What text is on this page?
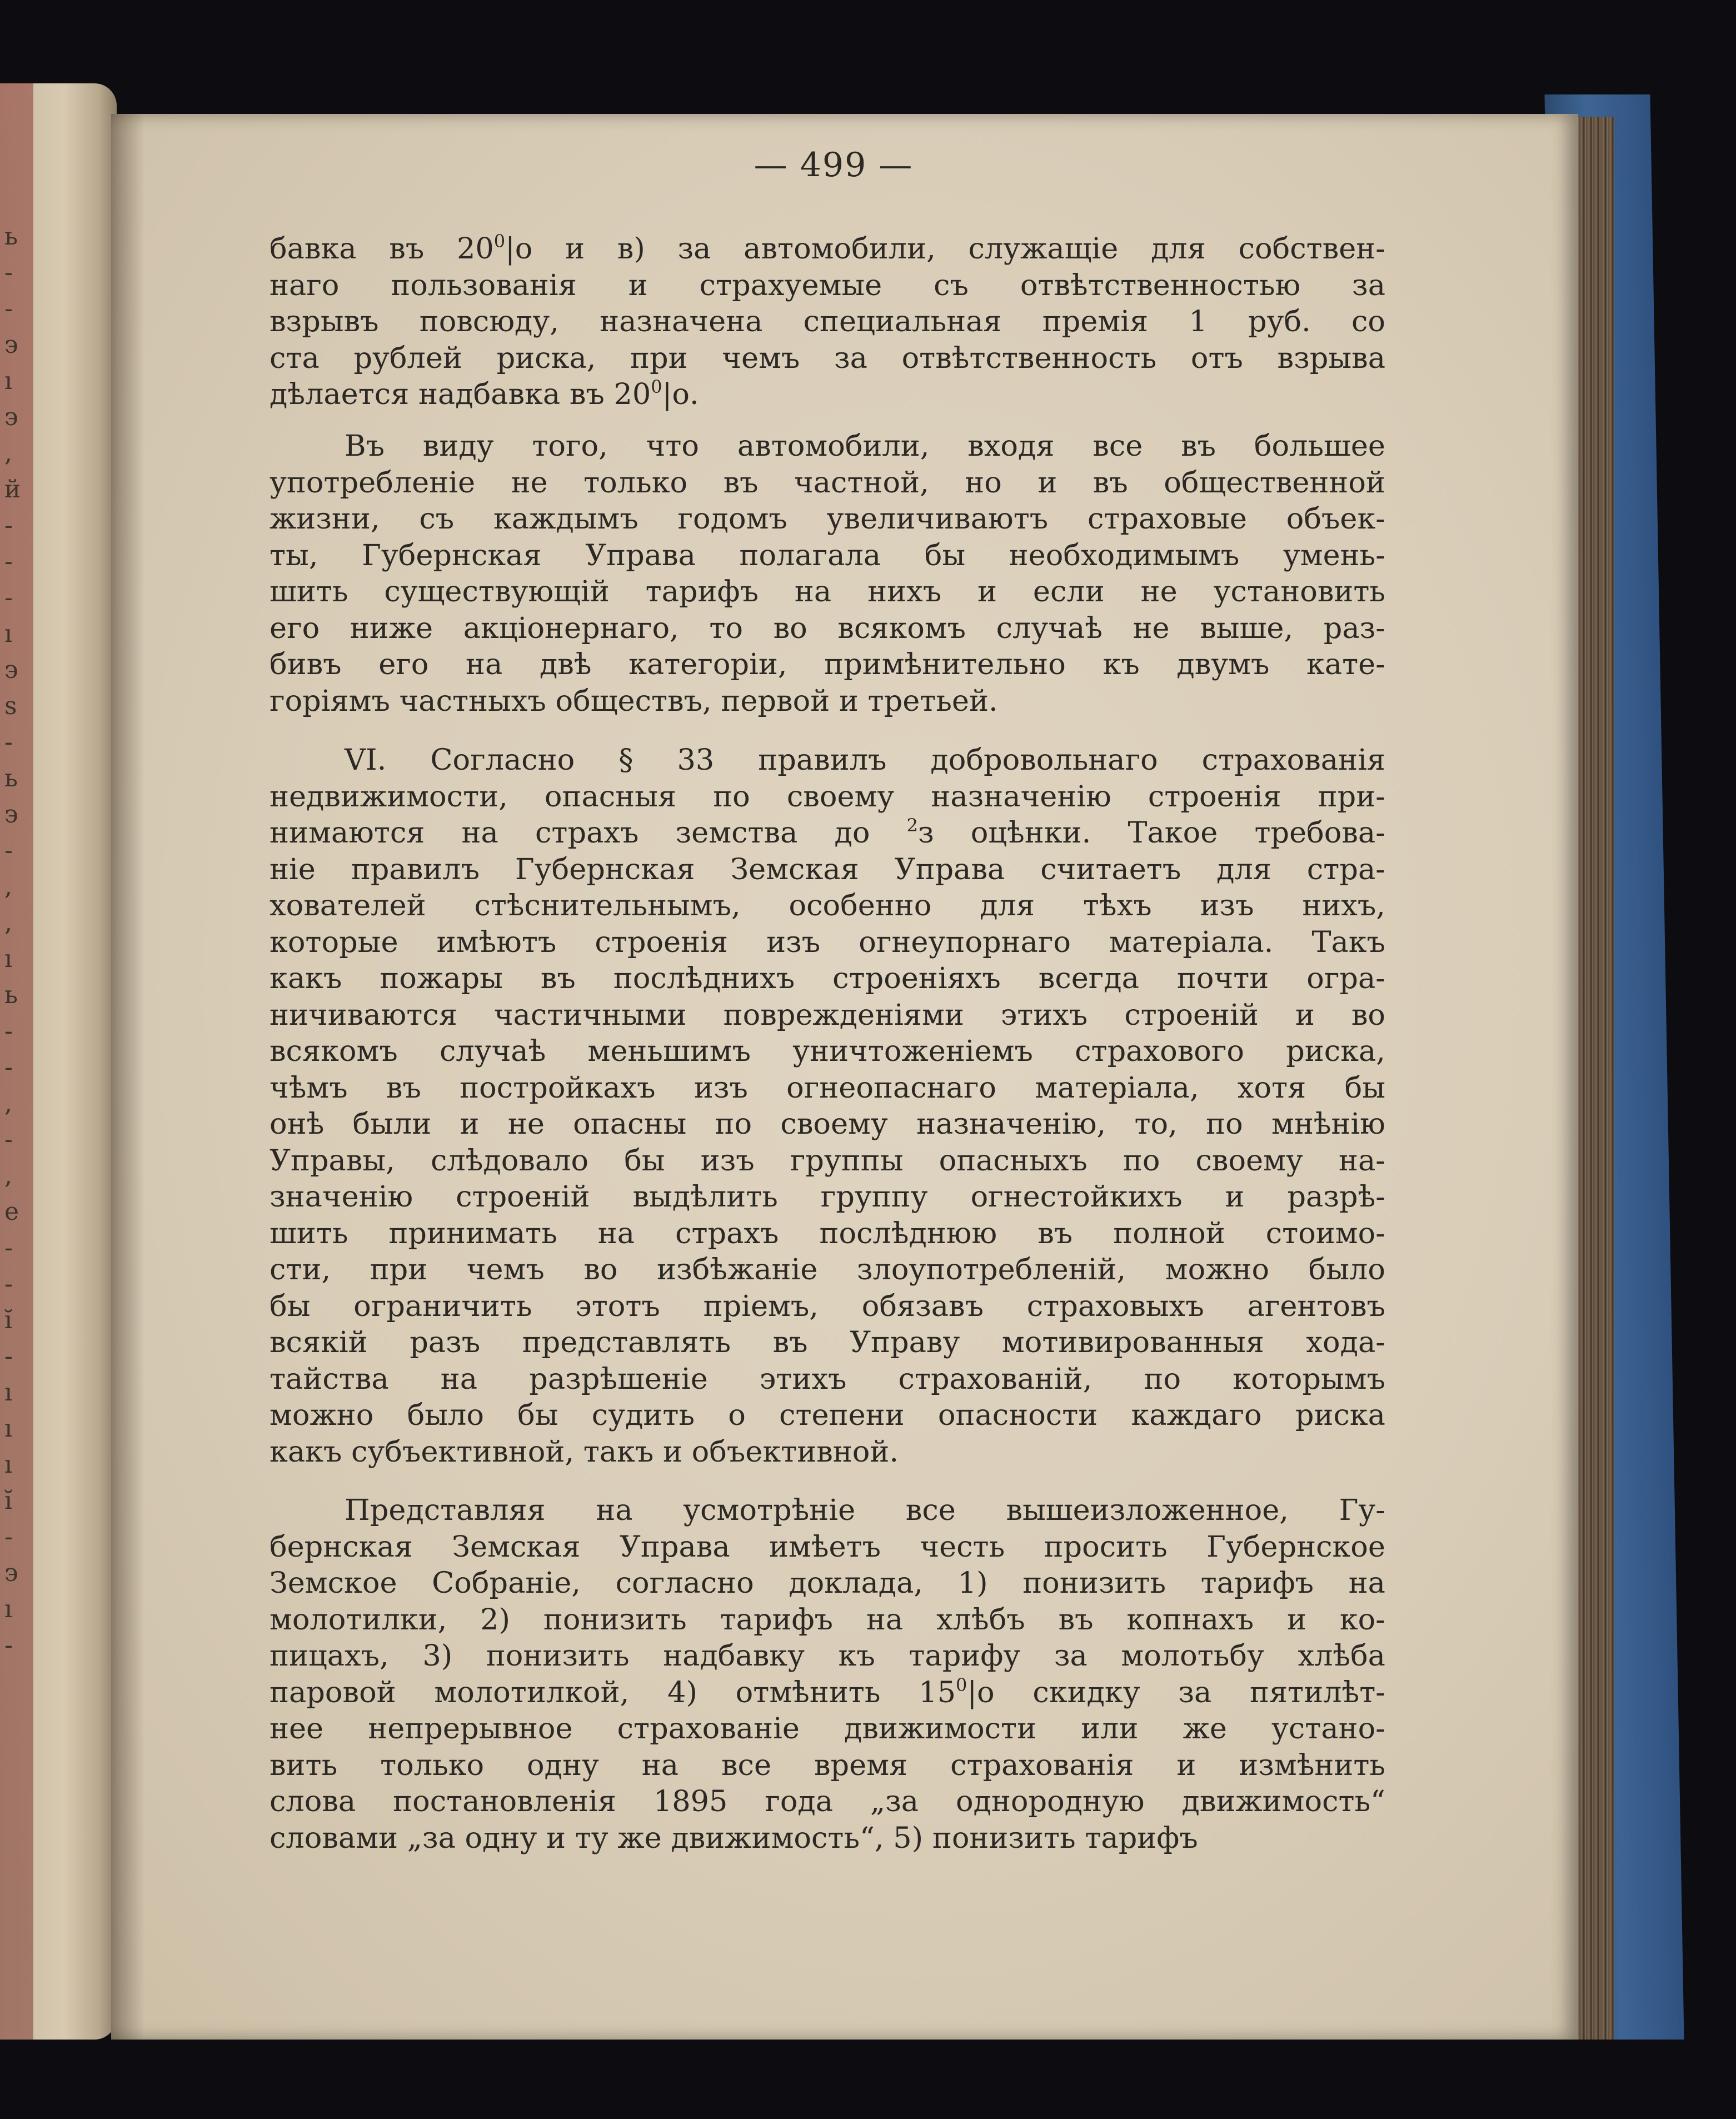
ь
-
-
э
ı
э
,
й
-
-
-
ı
э
s
-
ь
э
-
,
,
ı
ь
-
-
,
-
,
е
-
-
ĭ
-
ı
ı
ı
ĭ
-
э
ı
-
— 499 —
бавка въ $20^0|о$ и в) за автомобили, служащіе для собствен-
наго пользованія и страхуемые съ отвѣтственностью за
взрывъ повсюду, назначена специальная премія 1 руб. со
ста рублей риска, при чемъ за отвѣтственность отъ взрыва
дѣлается надбавка въ $20^0|о$.
Въ виду того, что автомобили, входя все въ большее
употребленіе не только въ частной, но и въ общественной
жизни, съ каждымъ годомъ увеличиваютъ страховые объек-
ты, Губернская Управа полагала бы необходимымъ умень-
шить существующій тарифъ на нихъ и если не установить
его ниже акціонернаго, то во всякомъ случаѣ не выше, раз-
бивъ его на двѣ категоріи, примѣнительно къ двумъ кате-
горіямъ частныхъ обществъ, первой и третьей.
VI. Согласно § 33 правилъ добровольнаго страхованія
недвижимости, опасныя по своему назначенію строенія при-
нимаются на страхъ земства до $^2$з оцѣнки. Такое требова-
ніе правилъ Губернская Земская Управа считаетъ для стра-
хователей стѣснительнымъ, особенно для тѣхъ изъ нихъ,
которые имѣютъ строенія изъ огнеупорнаго матеріала. Такъ
какъ пожары въ послѣднихъ строеніяхъ всегда почти огра-
ничиваются частичными поврежденіями этихъ строеній и во
всякомъ случаѣ меньшимъ уничтоженіемъ страхового риска,
чѣмъ въ постройкахъ изъ огнеопаснаго матеріала, хотя бы
онѣ были и не опасны по своему назначенію, то, по мнѣнію
Управы, слѣдовало бы изъ группы опасныхъ по своему на-
значенію строеній выдѣлить группу огнестойкихъ и разрѣ-
шить принимать на страхъ послѣднюю въ полной стоимо-
сти, при чемъ во избѣжаніе злоупотребленій, можно было
бы ограничить этотъ пріемъ, обязавъ страховыхъ агентовъ
всякій разъ представлять въ Управу мотивированныя хода-
тайства на разрѣшеніе этихъ страхованій, по которымъ
можно было бы судить о степени опасности каждаго риска
какъ субъективной, такъ и объективной.
Представляя на усмотрѣніе все вышеизложенное, Гу-
бернская Земская Управа имѣетъ честь просить Губернское
Земское Собраніе, согласно доклада, 1) понизить тарифъ на
молотилки, 2) понизить тарифъ на хлѣбъ въ копнахъ и ко-
пицахъ, 3) понизить надбавку къ тарифу за молотьбу хлѣба
паровой молотилкой, 4) отмѣнить $15^0|о$ скидку за пятилѣт-
нее непрерывное страхованіе движимости или же устано-
вить только одну на все время страхованія и измѣнить
слова постановленія 1895 года „за однородную движимость“
словами „за одну и ту же движимость“, 5) понизить тарифъ
